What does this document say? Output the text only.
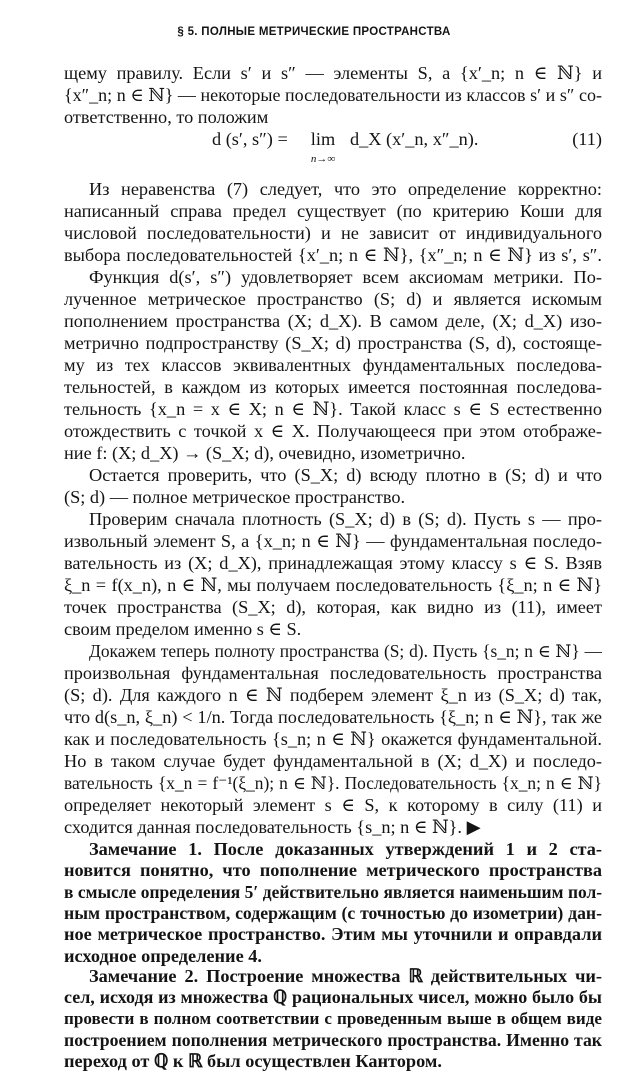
§ 5. ПОЛНЫЕ МЕТРИЧЕСКИЕ ПРОСТРАНСТВА
щему правилу. Если s′ и s″ — элементы S, а {x′_n; n ∈ ℕ} и
{x″_n; n ∈ ℕ} — некоторые последовательности из классов s′ и s″ со-
ответственно, то положим
d (s′, s″) =	lim
n→∞
d_X (x′_n, x″_n).	(11)
Из неравенства (7) следует, что это определение корректно:
написанный справа предел существует (по критерию Коши для
числовой последовательности) и не зависит от индивидуального
выбора последовательностей {x′_n; n ∈ ℕ}, {x″_n; n ∈ ℕ} из s′, s″.
Функция d(s′, s″) удовлетворяет всем аксиомам метрики. По-
лученное метрическое пространство (S; d) и является искомым
пополнением пространства (X; d_X). В самом деле, (X; d_X) изо-
метрично подпространству (S_X; d) пространства (S, d), состояще-
му из тех классов эквивалентных фундаментальных последова-
тельностей, в каждом из которых имеется постоянная последова-
тельность {x_n = x ∈ X; n ∈ ℕ}. Такой класс s ∈ S естественно
отождествить с точкой x ∈ X. Получающееся при этом отображе-
ние f: (X; d_X) → (S_X; d), очевидно, изометрично.
Остается проверить, что (S_X; d) всюду плотно в (S; d) и что
(S; d) — полное метрическое пространство.
Проверим сначала плотность (S_X; d) в (S; d). Пусть s — про-
извольный элемент S, а {x_n; n ∈ ℕ} — фундаментальная последо-
вательность из (X; d_X), принадлежащая этому классу s ∈ S. Взяв
ξ_n = f(x_n), n ∈ ℕ, мы получаем последовательность {ξ_n; n ∈ ℕ}
точек пространства (S_X; d), которая, как видно из (11), имеет
своим пределом именно s ∈ S.
Докажем теперь полноту пространства (S; d). Пусть {s_n; n ∈ ℕ} —
произвольная фундаментальная последовательность пространства
(S; d). Для каждого n ∈ ℕ подберем элемент ξ_n из (S_X; d) так,
что d(s_n, ξ_n) < 1/n. Тогда последовательность {ξ_n; n ∈ ℕ}, так же
как и последовательность {s_n; n ∈ ℕ} окажется фундаментальной.
Но в таком случае будет фундаментальной в (X; d_X) и последо-
вательность {x_n = f⁻¹(ξ_n); n ∈ ℕ}. Последовательность {x_n; n ∈ ℕ}
определяет некоторый элемент s ∈ S, к которому в силу (11) и
сходится данная последовательность {s_n; n ∈ ℕ}. ▶
Замечание 1. После доказанных утверждений 1 и 2 ста-
новится понятно, что пополнение метрического пространства
в смысле определения 5′ действительно является наименьшим пол-
ным пространством, содержащим (с точностью до изометрии) дан-
ное метрическое пространство. Этим мы уточнили и оправдали
исходное определение 4.
Замечание 2. Построение множества ℝ действительных чи-
сел, исходя из множества ℚ рациональных чисел, можно было бы
провести в полном соответствии с проведенным выше в общем виде
построением пополнения метрического пространства. Именно так
переход от ℚ к ℝ был осуществлен Кантором.
